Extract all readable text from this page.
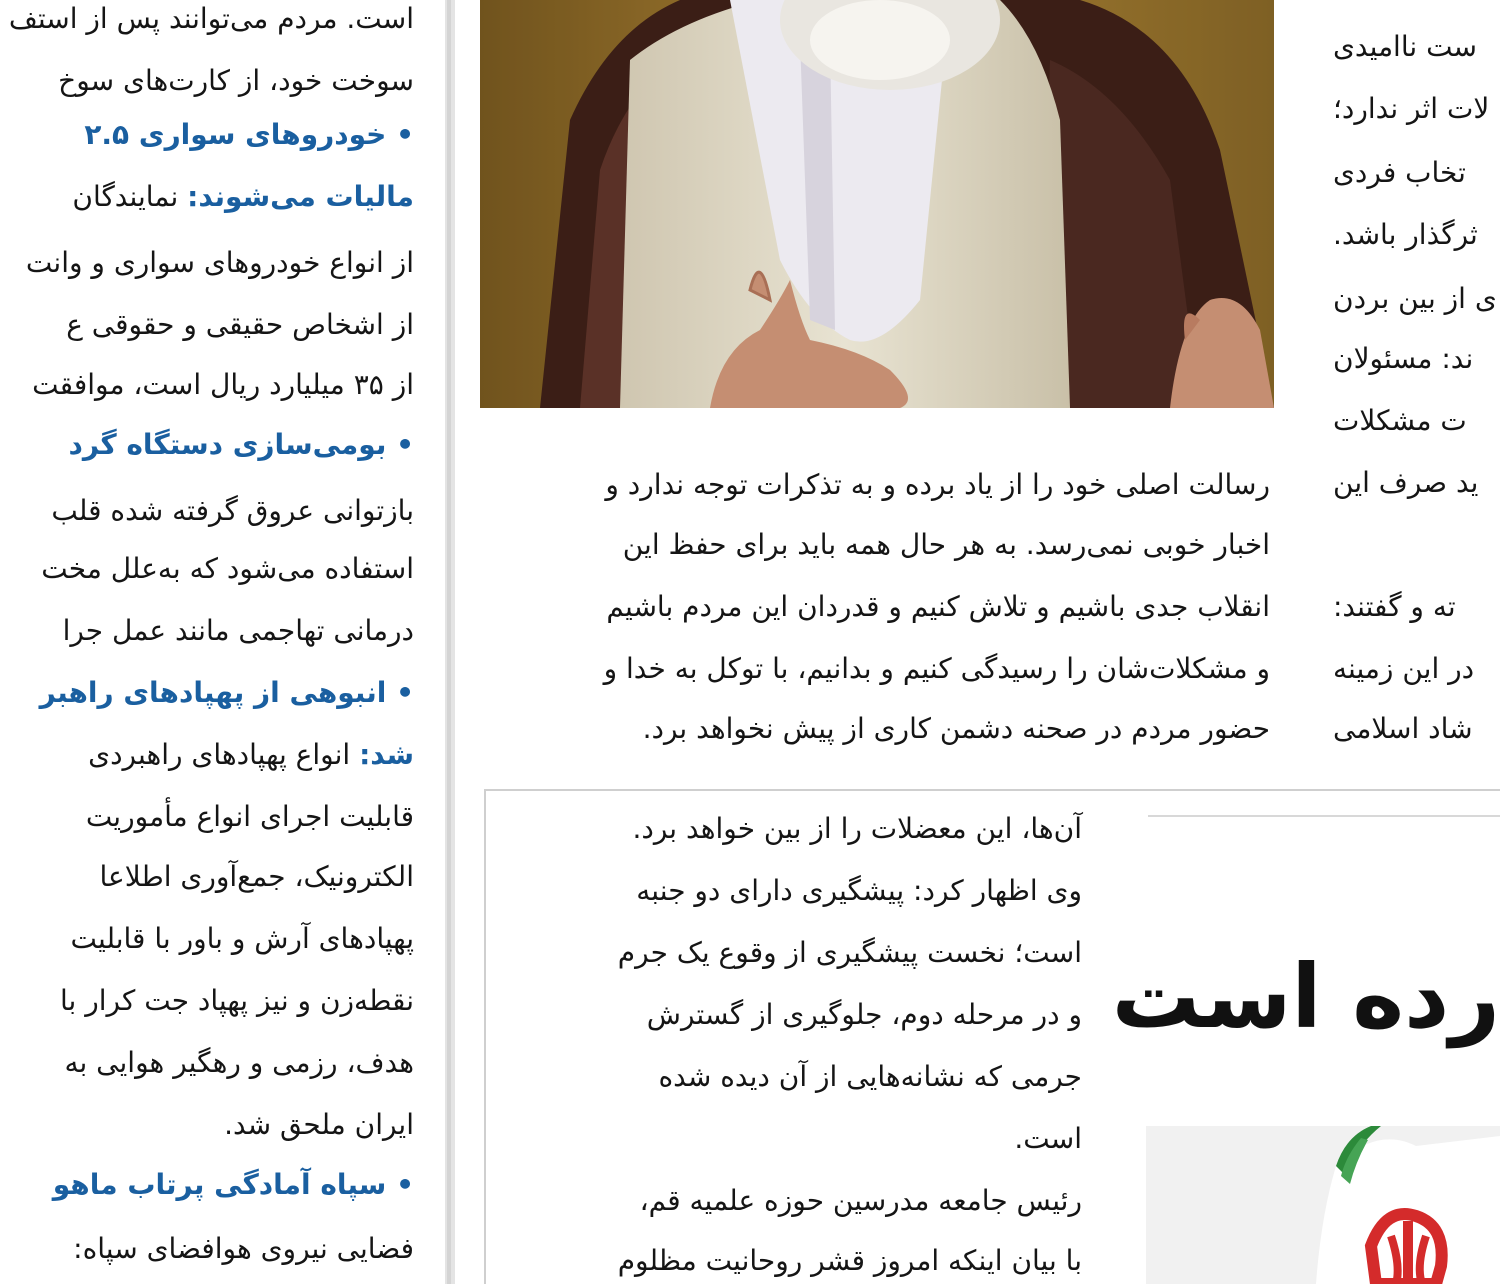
است. مردم می‌توانند پس از استف
سوخت خود، از کارت‌های سوخ
• خودروهای سواری ۲.۵
مالیات می‌شوند: نمایندگان
از انواع خودروهای سواری و وانت
از اشخاص حقیقی و حقوقی ع
از ۳۵ میلیارد ریال است، موافقت
• بومی‌سازی دستگاه گرد
بازتوانی عروق گرفته شده قلب
استفاده می‌شود که به‌علل مخت
درمانی تهاجمی مانند عمل جرا
• انبوهی از پهپادهای راهبر
شد: انواع پهپادهای راهبردی
قابلیت اجرای انواع مأموریت
الکترونیک، جمع‌آوری اطلاعا
پهپادهای آرش و باور با قابلیت
نقطه‌زن و نیز پهپاد جت کرار با
هدف، رزمی و رهگیر هوایی به
ایران ملحق شد.
• سپاه آمادگی پرتاب ماهو
فضایی نیروی هوافضای سپاه:
رسالت اصلی خود را از یاد برده و به تذکرات توجه ندارد و
اخبار خوبی نمی‌رسد. به هر حال همه باید برای حفظ این
انقلاب جدی باشیم و تلاش کنیم و قدردان این مردم باشیم
و مشکلات‌شان را رسیدگی کنیم و بدانیم، با توکل به خدا و
حضور مردم در صحنه دشمن کاری از پیش نخواهد برد.
ست ناامیدی
لات اثر ندارد؛
تخاب فردی
ثرگذار باشد.
ی از بین بردن
ند: مسئولان
ت مشکلات
ید صرف این
ته و گفتند:
در این زمینه
شاد اسلامی
آن‌ها، این معضلات را از بین خواهد برد.
وی اظهار کرد: پیشگیری دارای دو جنبه
است؛ نخست پیشگیری از وقوع یک جرم
و در مرحله دوم، جلوگیری از گسترش
جرمی که نشانه‌هایی از آن دیده شده
است.
رئیس جامعه مدرسین حوزه علمیه قم،
با بیان اینکه امروز قشر روحانیت مظلوم
رده است
